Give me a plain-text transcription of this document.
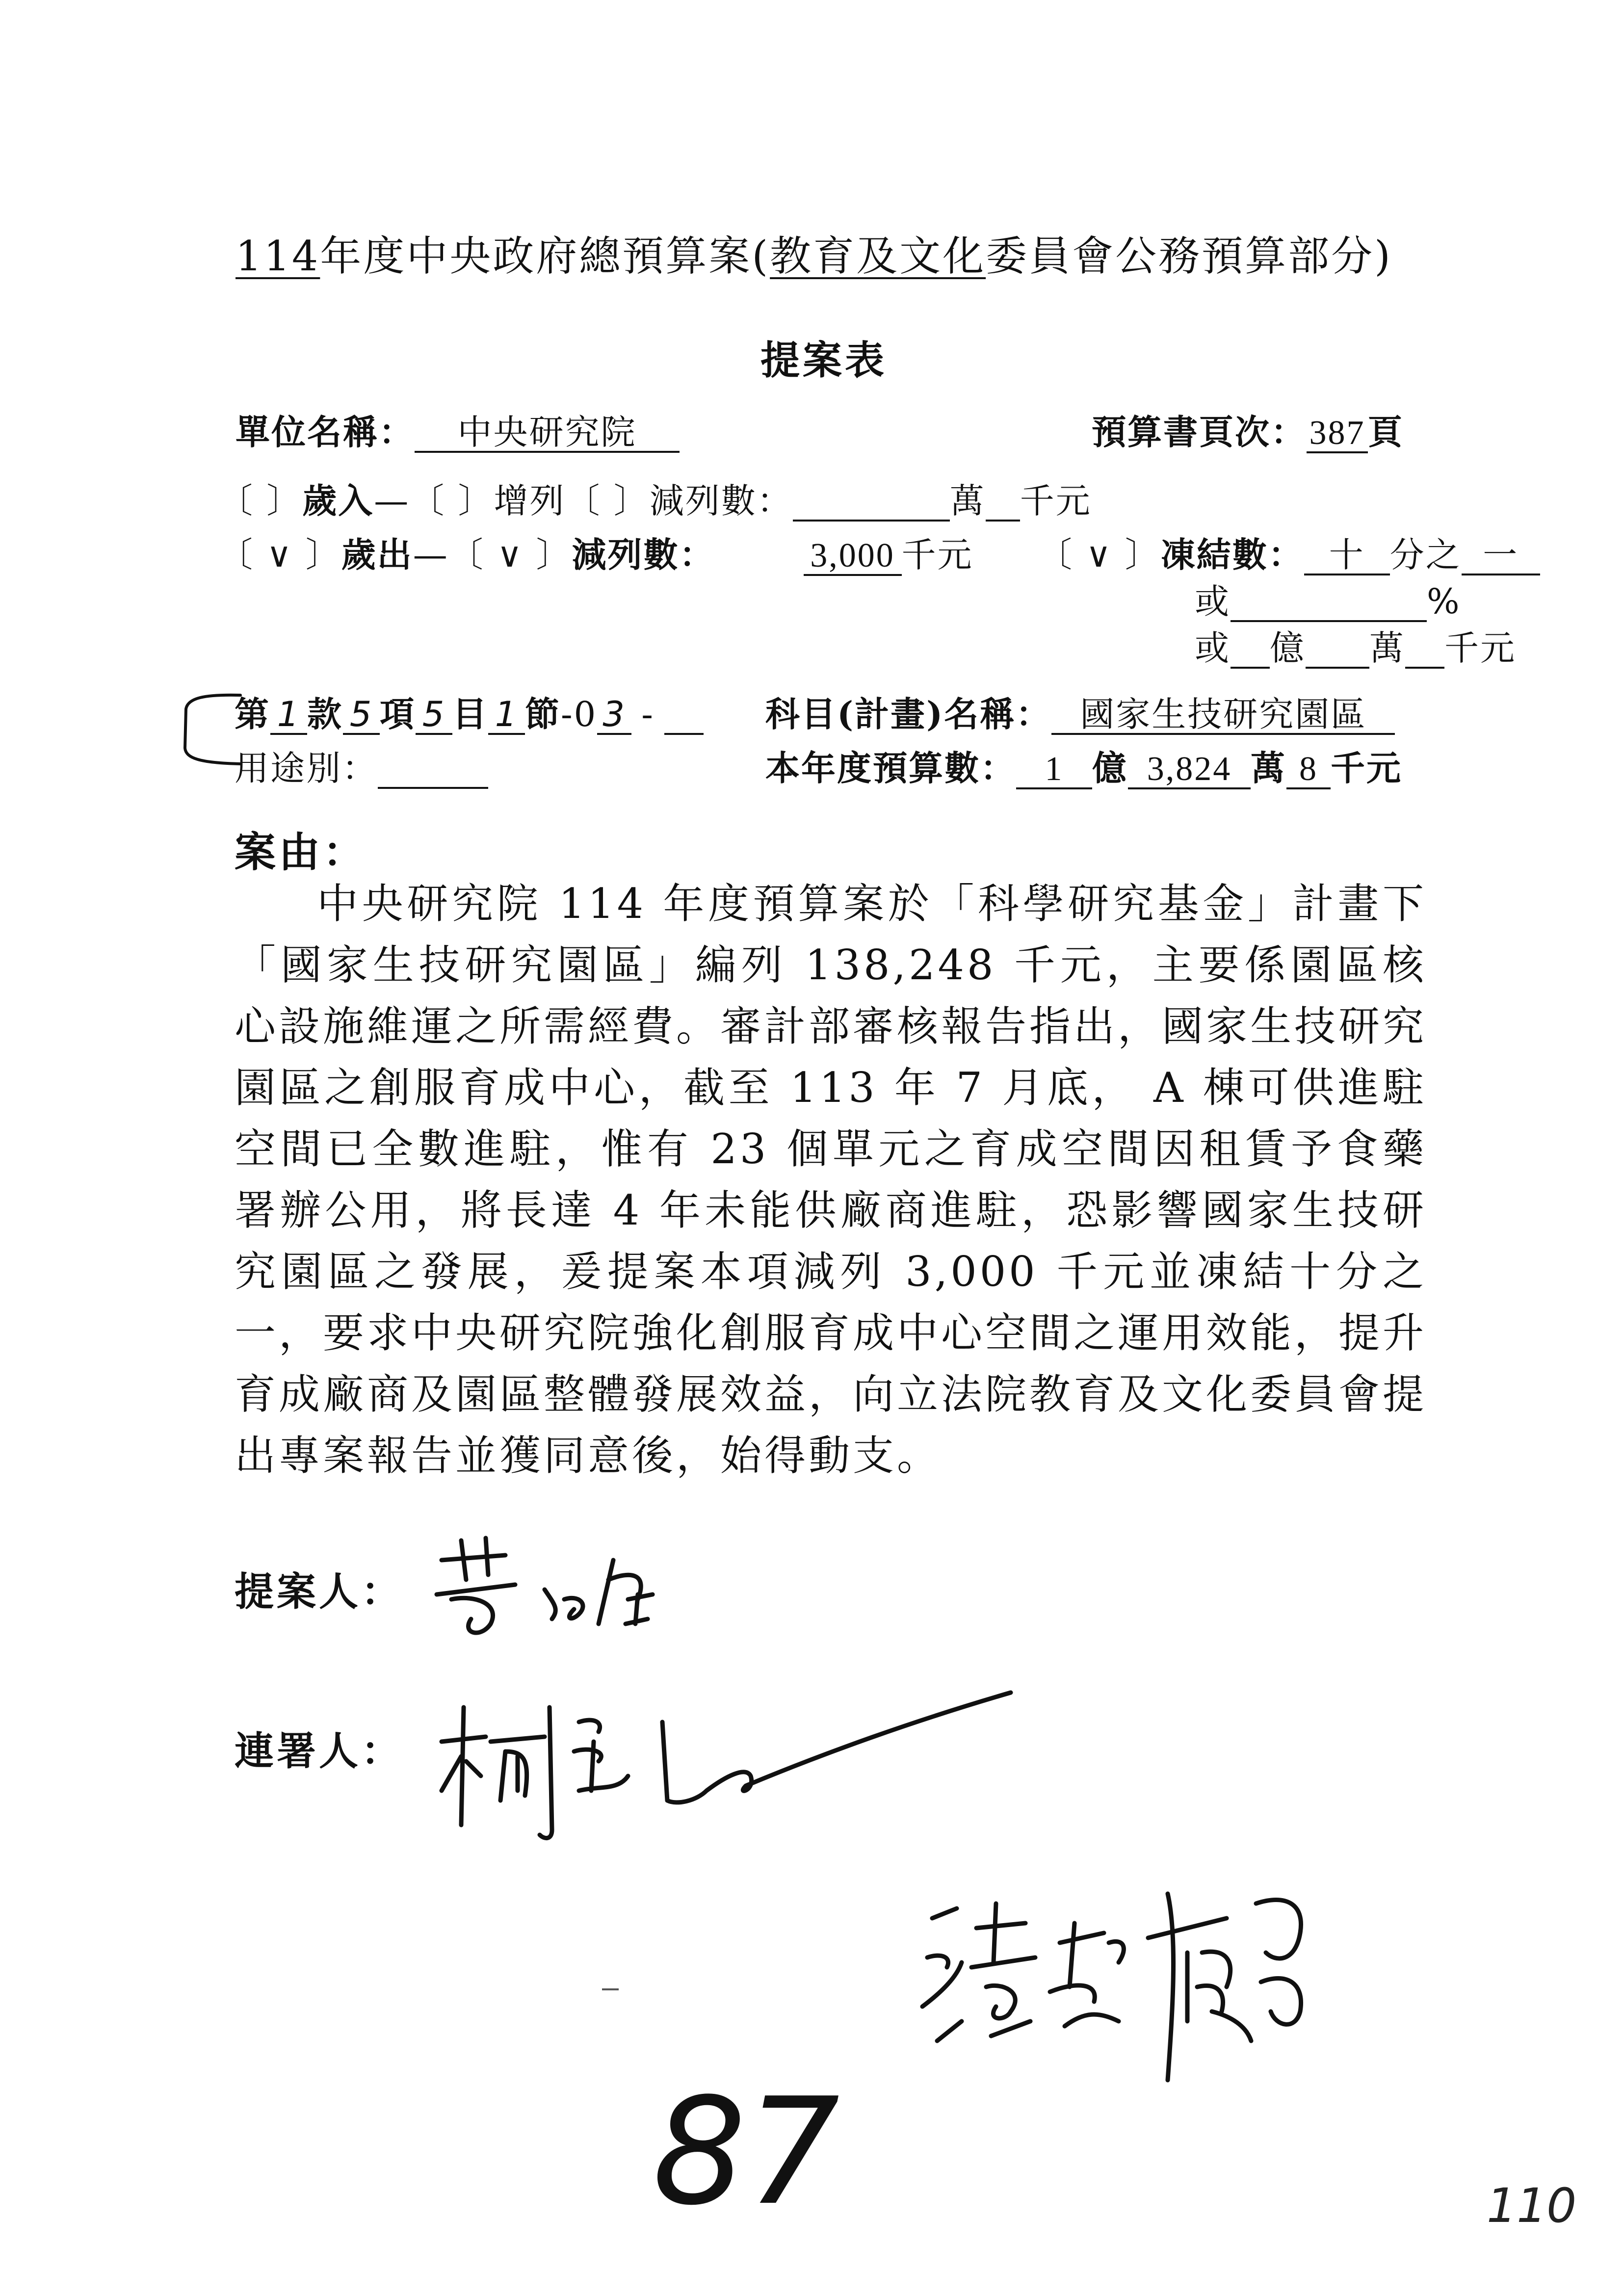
114年度中央政府總預算案(教育及文化委員會公務預算部分)
提案表
單位名稱： 中央研究院	預算書頁次：387頁
〔 〕歲入—〔 〕增列〔 〕減列數：	萬 千元
〔 ∨ 〕歲出—〔 ∨ 〕減列數：	3,000 千元 〔 ∨ 〕凍結數： 十 分之 一
或	%
或 億 萬 千元
第 1 款 5 項 5 目 1 節-0 3 -	科目(計畫)名稱： 國家生技研究園區
用途別：	本年度預算數： 1 億 3,824 萬 8 千元
案由：

中央研究院 114 年度預算案於「科學研究基金」計畫下「國家生技研究園區」編列 138,248 千元，主要係園區核心設施維運之所需經費。審計部審核報告指出，國家生技研究園區之創服育成中心，截至 113 年 7 月底， A 棟可供進駐空間已全數進駐，惟有 23 個單元之育成空間因租賃予食藥署辦公用，將長達 4 年未能供廠商進駐，恐影響國家生技研究園區之發展，爰提案本項減列 3,000 千元並凍結十分之一，要求中央研究院強化創服育成中心空間之運用效能，提升育成廠商及園區整體發展效益，向立法院教育及文化委員會提出專案報告並獲同意後，始得動支。

提案人：
連署人：
87	110
